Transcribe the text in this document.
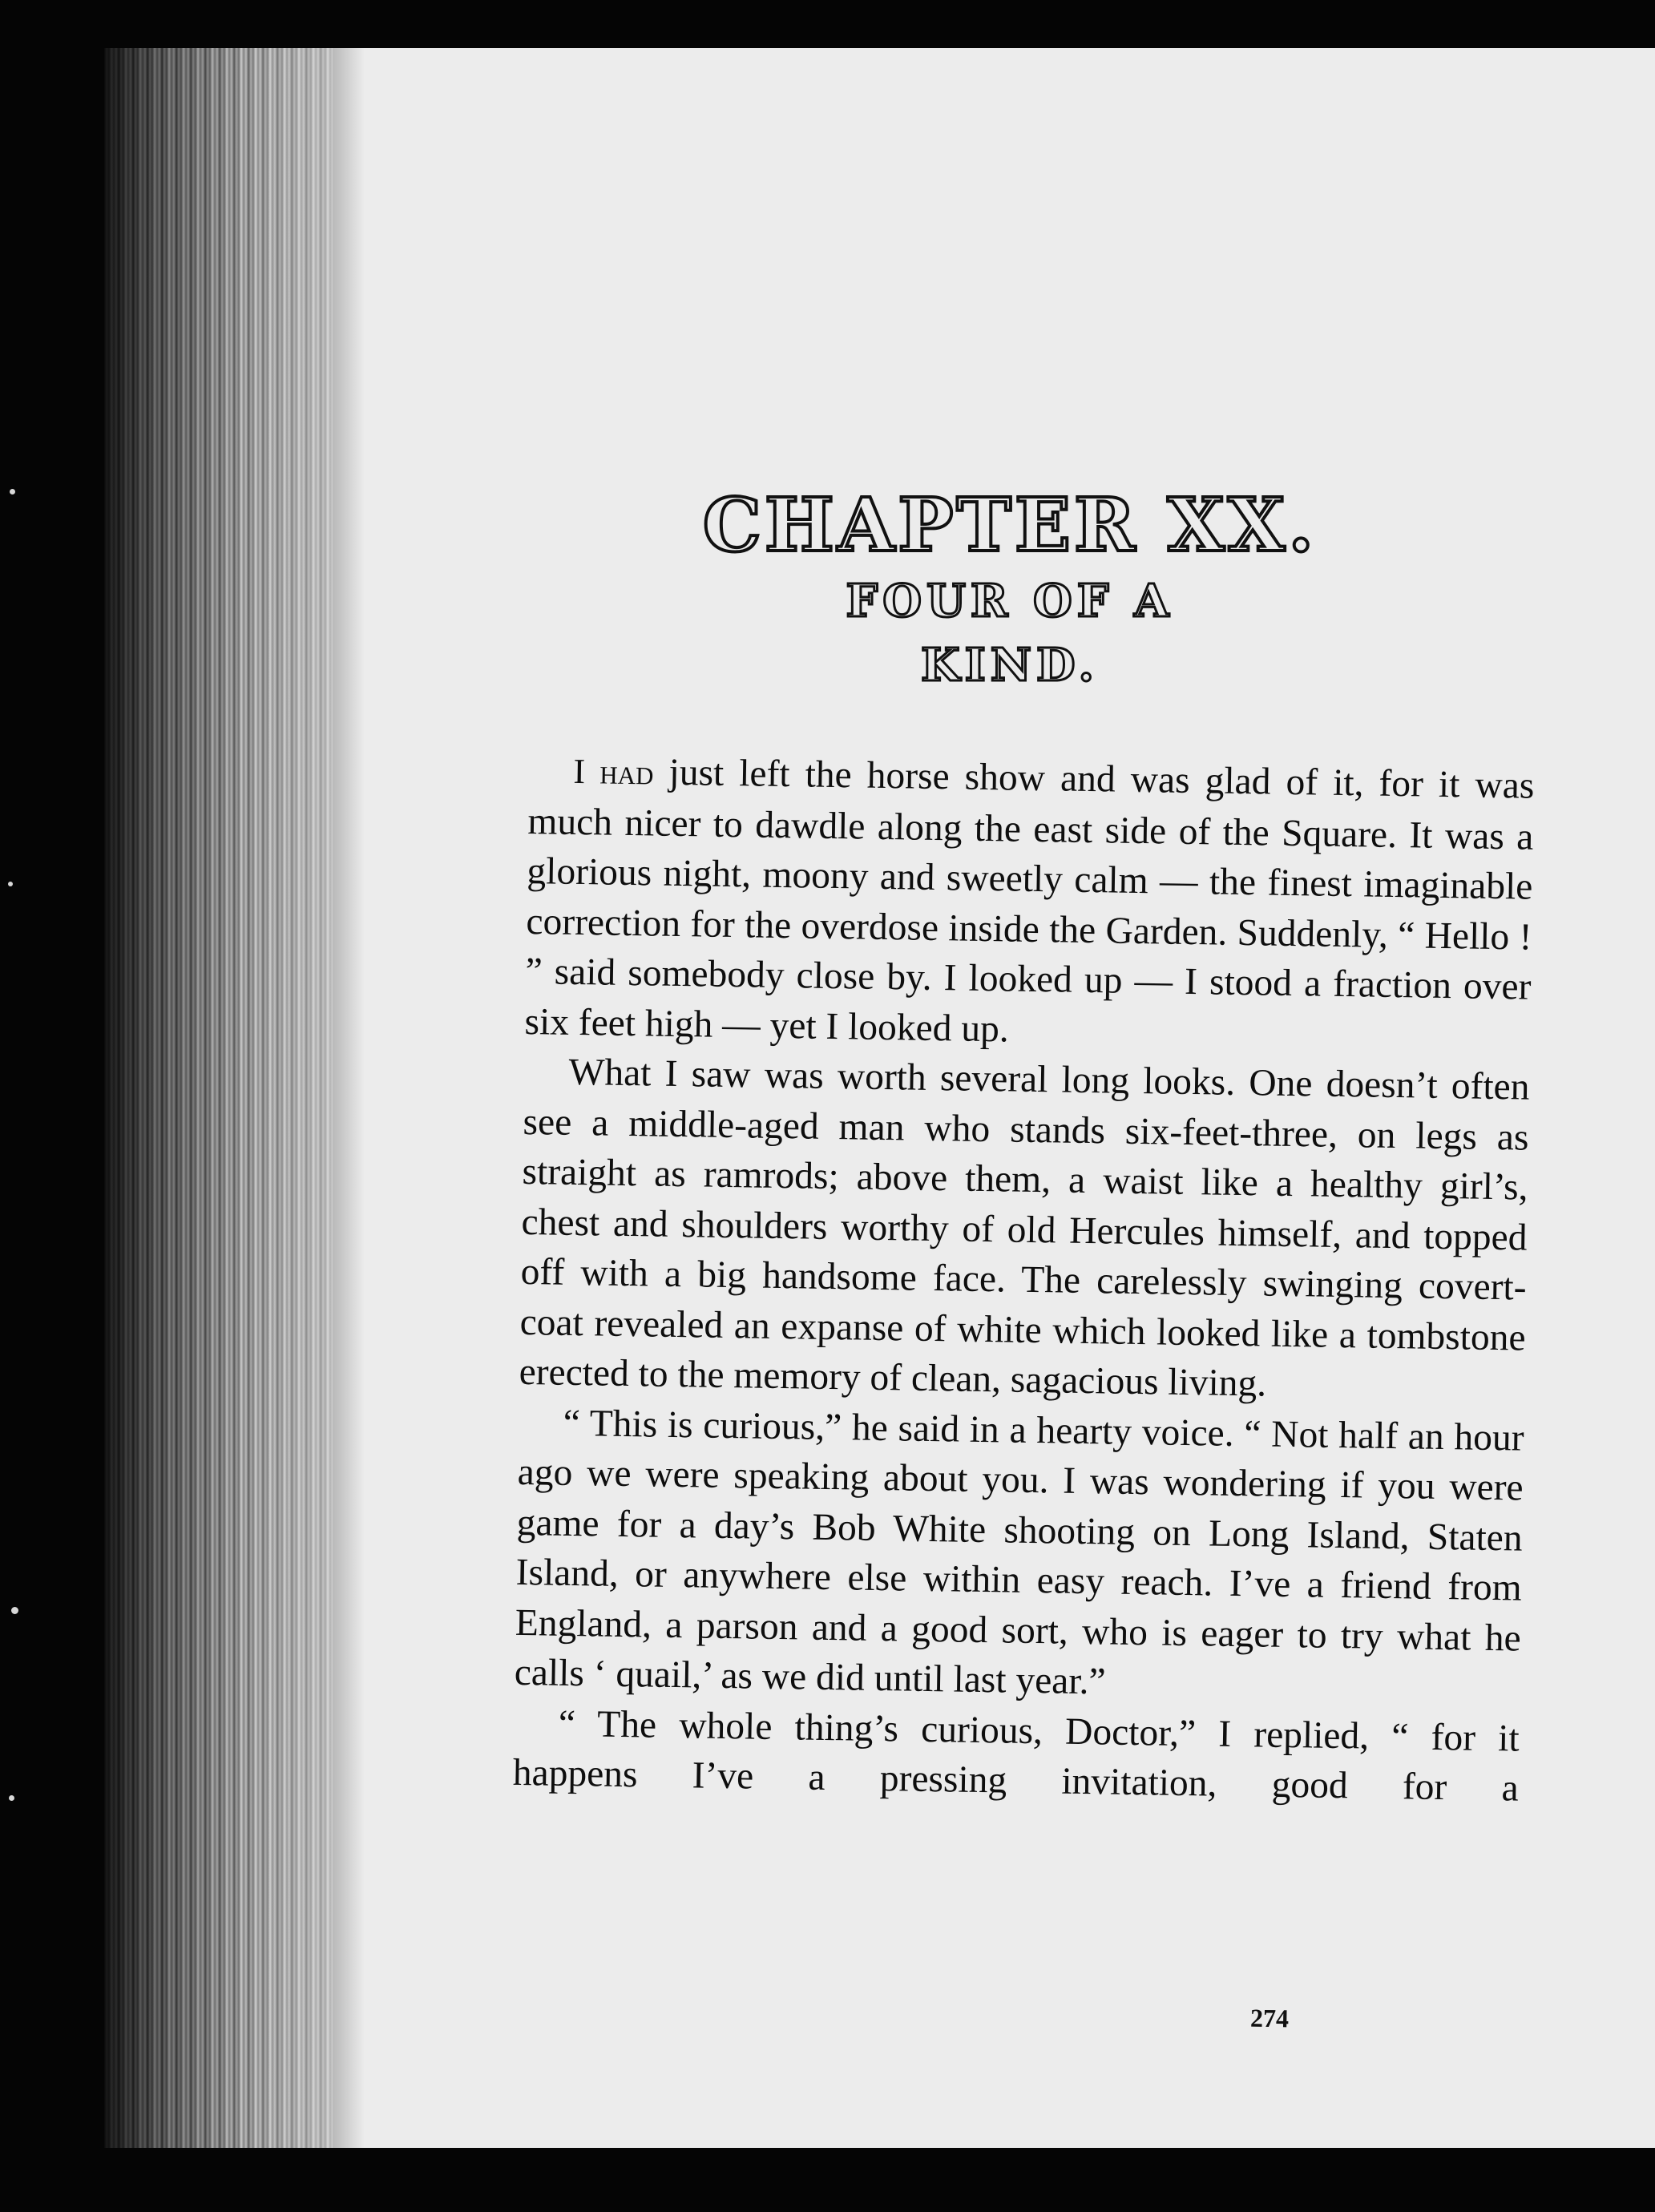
CHAPTER XX.

FOUR OF A

KIND.

I had just left the horse show and was glad of it, for it was much nicer to dawdle along the east side of the Square. It was a glorious night, moony and sweetly calm — the finest imaginable correction for the overdose inside the Garden. Suddenly, “ Hello ! ” said somebody close by. I looked up — I stood a fraction over six feet high — yet I looked up.

What I saw was worth several long looks. One doesn’t often see a middle-aged man who stands six-feet-three, on legs as straight as ramrods; above them, a waist like a healthy girl’s, chest and shoulders worthy of old Hercules himself, and topped off with a big handsome face. The carelessly swinging covert-coat revealed an expanse of white which looked like a tombstone erected to the memory of clean, sagacious living.

“ This is curious,” he said in a hearty voice. “ Not half an hour ago we were speaking about you. I was wondering if you were game for a day’s Bob White shooting on Long Island, Staten Island, or anywhere else within easy reach. I’ve a friend from England, a parson and a good sort, who is eager to try what he calls ‘ quail,’ as we did until last year.”

“ The whole thing’s curious, Doctor,” I replied, “ for it happens I’ve a pressing invitation, good for a

274
